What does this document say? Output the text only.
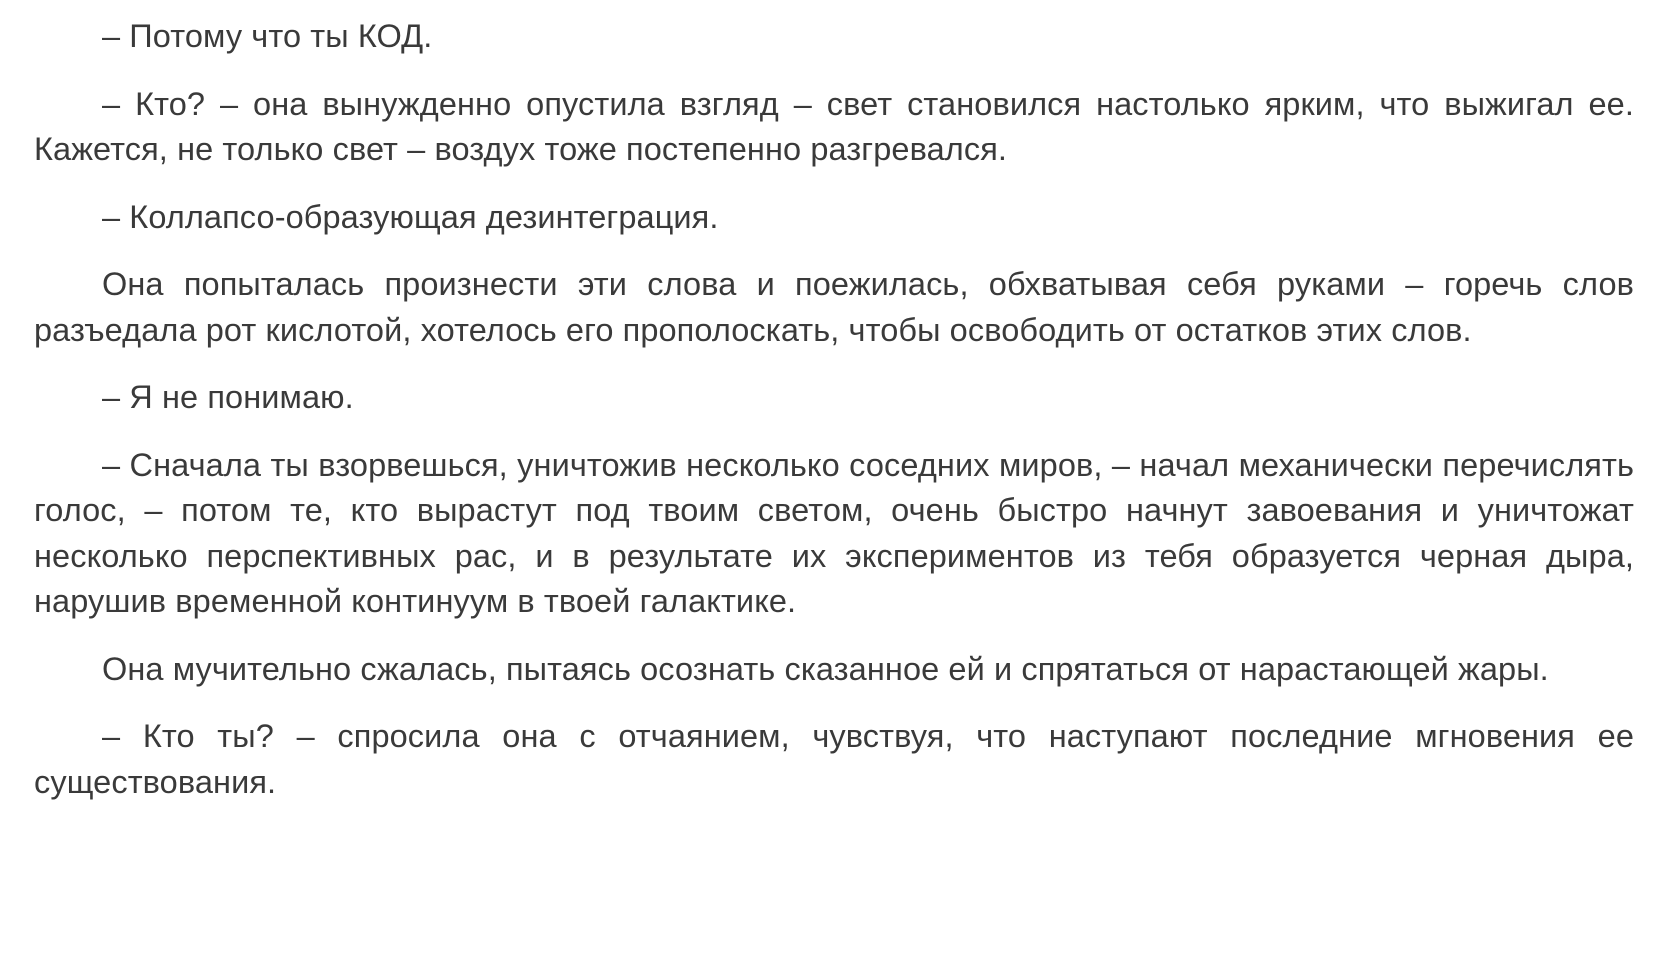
– Потому что ты КОД.

– Кто? – она вынужденно опустила взгляд – свет становился настолько ярким, что выжигал ее. Кажется, не только свет – воздух тоже постепенно разгревался.

– Коллапсо-образующая дезинтеграция.

Она попыталась произнести эти слова и поежилась, обхватывая себя руками – горечь слов разъедала рот кислотой, хотелось его прополоскать, чтобы освободить от остатков этих слов.

– Я не понимаю.

– Сначала ты взорвешься, уничтожив несколько соседних миров, – начал механически перечислять голос, – потом те, кто вырастут под твоим светом, очень быстро начнут завоевания и уничтожат несколько перспективных рас, и в результате их экспериментов из тебя образуется черная дыра, нарушив временной континуум в твоей галактике.

Она мучительно сжалась, пытаясь осознать сказанное ей и спрятаться от нарастающей жары.

– Кто ты? – спросила она с отчаянием, чувствуя, что наступают последние мгновения ее существования.
